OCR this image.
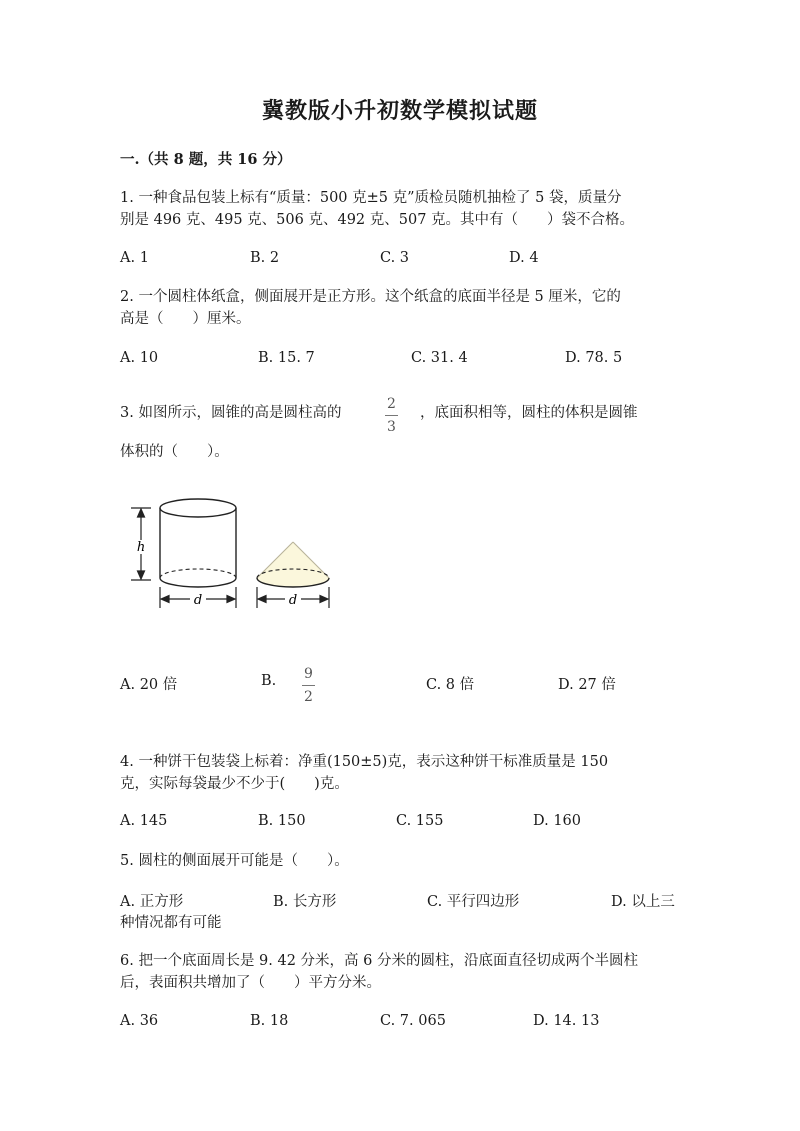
冀教版小升初数学模拟试题
一.（共 8 题，共 16 分）
1. 一种食品包装上标有“质量：500 克±5 克”质检员随机抽检了 5 袋，质量分
别是 496 克、495 克、506 克、492 克、507 克。其中有（　　）袋不合格。
A. 1	B. 2	C. 3	D. 4
2. 一个圆柱体纸盒，侧面展开是正方形。这个纸盒的底面半径是 5 厘米，它的
高是（　　）厘米。
A. 10	B. 15. 7	C. 31. 4	D. 78. 5
3. 如图所示，圆锥的高是圆柱高的
2
3
，底面积相等，圆柱的体积是圆锥
体积的（　　）。
h
d	d
A. 20 倍	B. 9
2
C. 8 倍	D. 27 倍
4. 一种饼干包装袋上标着：净重(150±5)克，表示这种饼干标准质量是 150
克，实际每袋最少不少于(　　)克。
A. 145	B. 150	C. 155	D. 160
5. 圆柱的侧面展开可能是（　　）。
A. 正方形	B. 长方形	C. 平行四边形	D. 以上三
种情况都有可能
6. 把一个底面周长是 9. 42 分米，高 6 分米的圆柱，沿底面直径切成两个半圆柱
后，表面积共增加了（　　）平方分米。
A. 36	B. 18	C. 7. 065	D. 14. 13
